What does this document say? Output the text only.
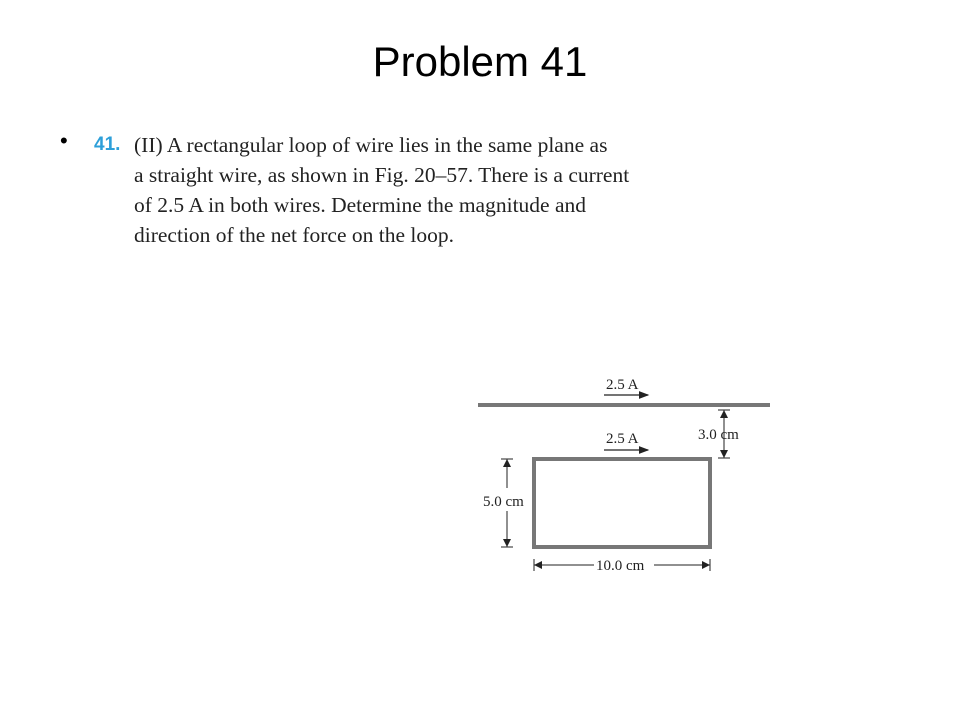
Problem 41
• 41. (II) A rectangular loop of wire lies in the same plane as
a straight wire, as shown in Fig. 20–57. There is a current
of 2.5 A in both wires. Determine the magnitude and
direction of the net force on the loop.
2.5 A
2.5 A	3.0 cm
5.0 cm
10.0 cm
